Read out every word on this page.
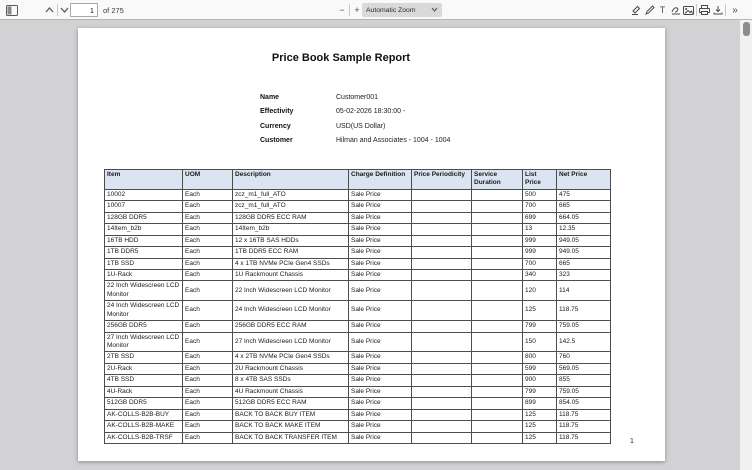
1
of 275	−	+ Automatic Zoom	T	»
Price Book Sample Report
Name	Customer001
Effectivity	05-02-2026 18:30:00 -
Currency	USD(US Dollar)
Customer	Hilman and Associates - 1004 - 1004
Item	UOM	Description	Charge Definition	Price Periodicity	Service Duration	List Price	Net Price
10002	Each	zcz_m1_full_ATO	Sale Price			500	475
10007	Each	zcz_m1_full_ATO	Sale Price			700	665
128GB DDR5	Each	128GB DDR5 ECC RAM	Sale Price			699	664.05
14Item_b2b	Each	14Item_b2b	Sale Price			13	12.35
16TB HDD	Each	12 x 16TB SAS HDDs	Sale Price			999	949.05
1TB DDR5	Each	1TB DDR5 ECC RAM	Sale Price			999	949.05
1TB SSD	Each	4 x 1TB NVMe PCIe Gen4 SSDs	Sale Price			700	665
1U-Rack	Each	1U Rackmount Chassis	Sale Price			340	323
22 Inch Widescreen LCD Monitor	Each	22 Inch Widescreen LCD Monitor	Sale Price			120	114
24 Inch Widescreen LCD Monitor	Each	24 Inch Widescreen LCD Monitor	Sale Price			125	118.75
256GB DDR5	Each	256GB DDR5 ECC RAM	Sale Price			799	759.05
27 Inch Widescreen LCD Monitor	Each	27 Inch Widescreen LCD Monitor	Sale Price			150	142.5
2TB SSD	Each	4 x 2TB NVMe PCIe Gen4 SSDs	Sale Price			800	760
2U-Rack	Each	2U Rackmount Chassis	Sale Price			599	569.05
4TB SSD	Each	8 x 4TB SAS SSDs	Sale Price			900	855
4U-Rack	Each	4U Rackmount Chassis	Sale Price			799	759.05
512GB DDR5	Each	512GB DDR5 ECC RAM	Sale Price			899	854.05
AK-COLLS-B2B-BUY	Each	BACK TO BACK BUY ITEM	Sale Price			125	118.75
AK-COLLS-B2B-MAKE	Each	BACK TO BACK MAKE ITEM	Sale Price			125	118.75
AK-COLLS-B2B-TRSF	Each	BACK TO BACK TRANSFER ITEM	Sale Price			125	118.75
1
